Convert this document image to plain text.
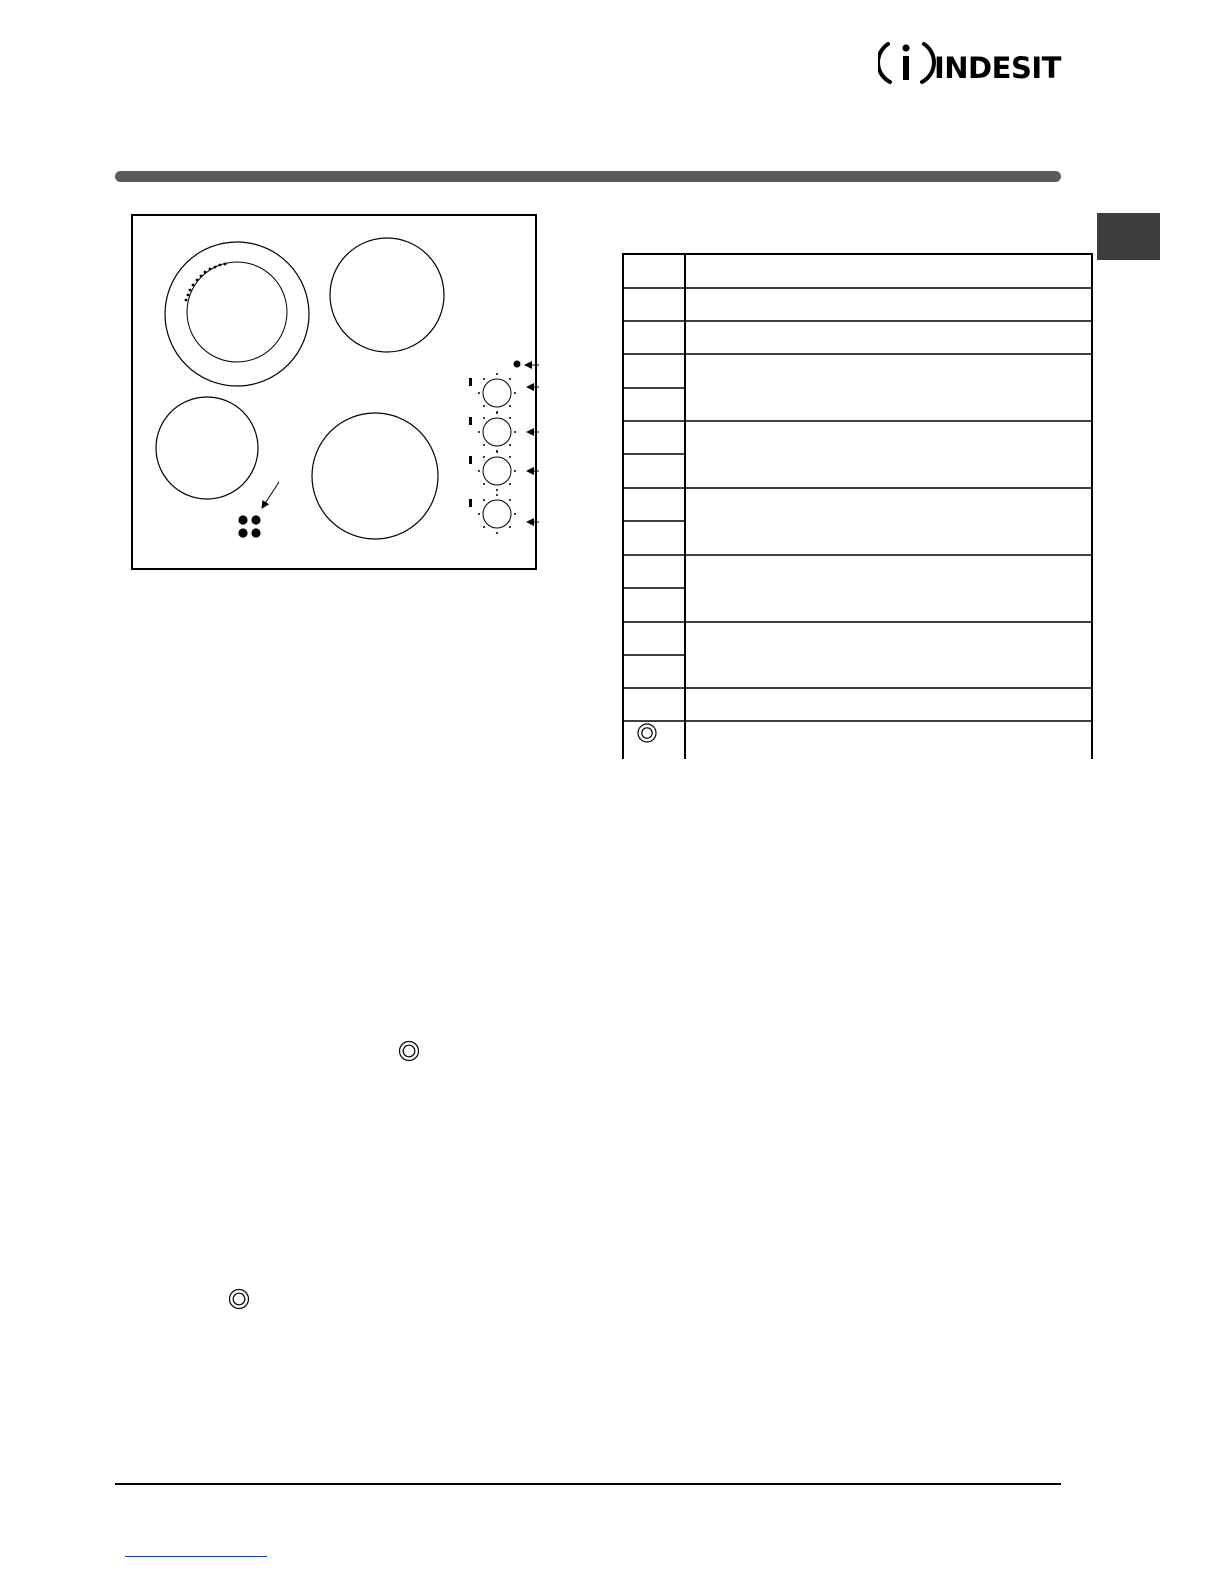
INDESIT
